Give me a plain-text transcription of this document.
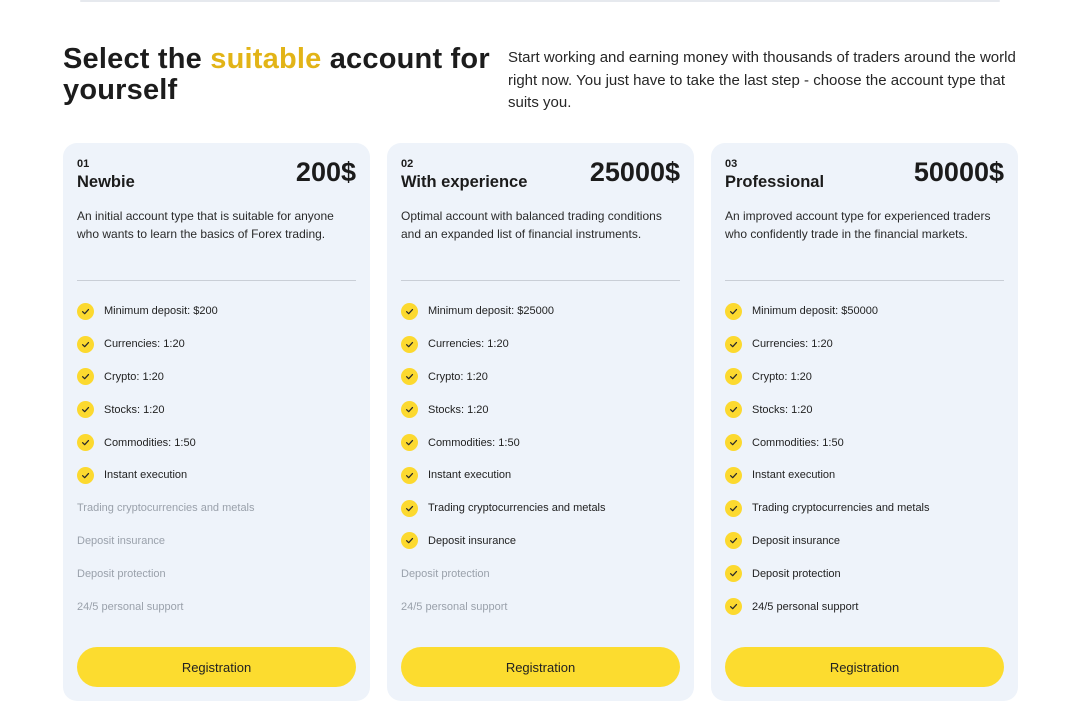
Select the suitable account for yourself

Start working and earning money with thousands of traders around the world right now. You just have to take the last step - choose the account type that suits you.

01
Newbie	200$

An initial account type that is suitable for anyone who wants to learn the basics of Forex trading.

Minimum deposit: $200
Currencies: 1:20
Crypto: 1:20
Stocks: 1:20
Commodities: 1:50
Instant execution
Trading cryptocurrencies and metals
Deposit insurance
Deposit protection
24/5 personal support
Registration
02
With experience 25000$

Optimal account with balanced trading conditions and an expanded list of financial instruments.

Minimum deposit: $25000
Currencies: 1:20
Crypto: 1:20
Stocks: 1:20
Commodities: 1:50
Instant execution
Trading cryptocurrencies and metals
Deposit insurance
Deposit protection
24/5 personal support
Registration
03
Professional	50000$

An improved account type for experienced traders who confidently trade in the financial markets.

Minimum deposit: $50000
Currencies: 1:20
Crypto: 1:20
Stocks: 1:20
Commodities: 1:50
Instant execution
Trading cryptocurrencies and metals
Deposit insurance
Deposit protection
24/5 personal support
Registration
